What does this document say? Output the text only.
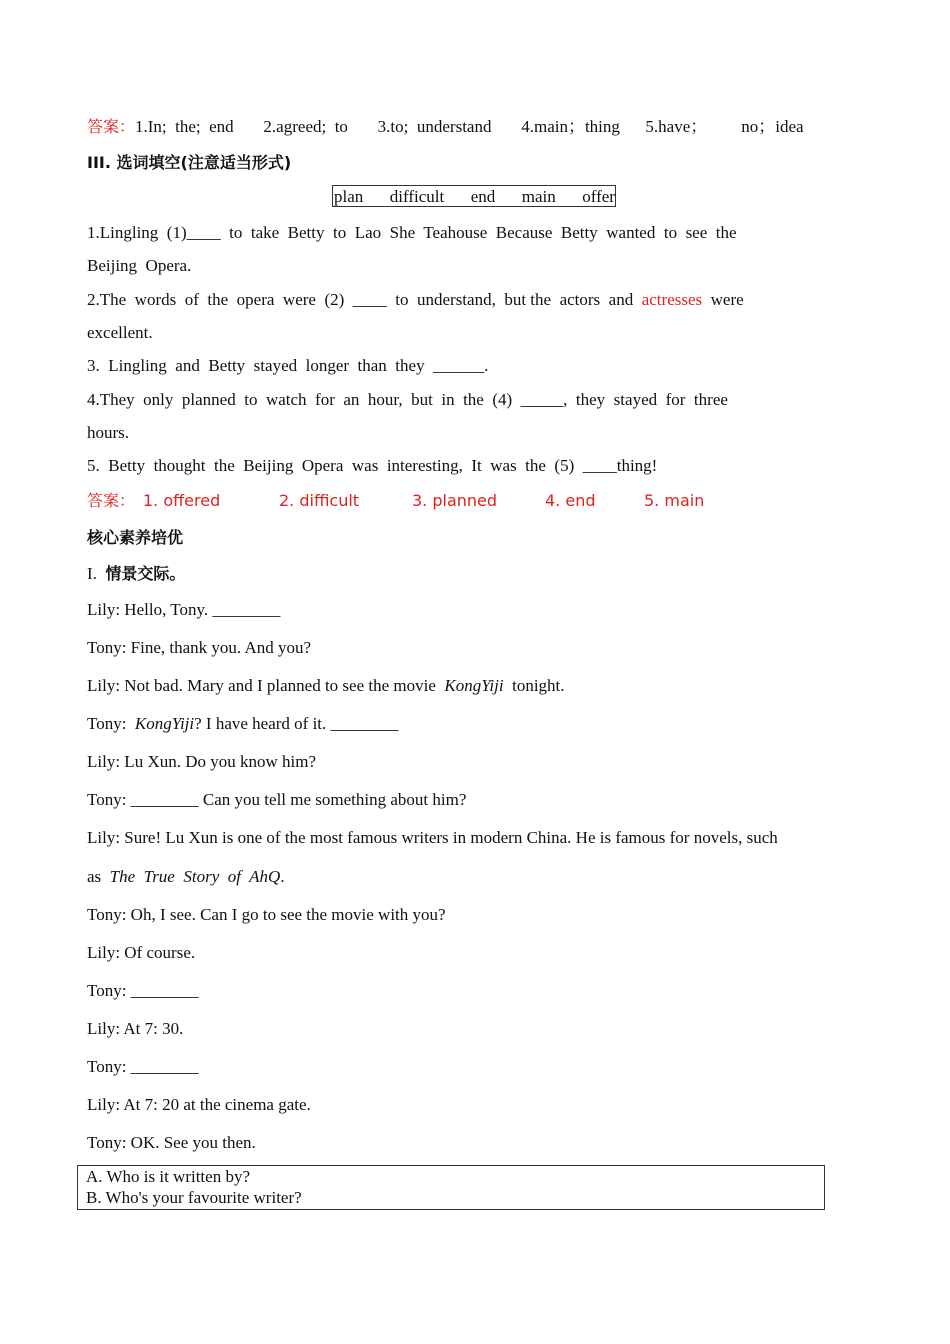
答案：1.In;  the;  end       2.agreed;  to       3.to;  understand       4.main；thing      5.have；        no；idea
III. 选词填空(注意适当形式)
plan difficult end main offer
1.Lingling  (1)____  to  take  Betty  to  Lao  She  Teahouse  Because  Betty  wanted  to  see  the
Beijing  Opera.
2.The  words  of  the  opera  were  (2)  ____  to  understand,  but the  actors  and  actresses  were
excellent.
3.  Lingling  and  Betty  stayed  longer  than  they  ______.
4.They  only  planned  to  watch  for  an  hour,  but  in  the  (4)  _____,  they  stayed  for  three
hours.
5.  Betty  thought  the  Beijing  Opera  was  interesting,  It  was  the  (5)  ____thing!
答案： 1. offered	2. difficult	3. planned	4. end	5. main
核心素养培优
I. 情景交际。
Lily: Hello, Tony. ________
Tony: Fine, thank you. And you?
Lily: Not bad. Mary and I planned to see the movie  KongYiji  tonight.
Tony:  KongYiji? I have heard of it. ________
Lily: Lu Xun. Do you know him?
Tony: ________ Can you tell me something about him?
Lily: Sure! Lu Xun is one of the most famous writers in modern China. He is famous for novels, such
as  The  True  Story  of  AhQ.
Tony: Oh, I see. Can I go to see the movie with you?
Lily: Of course.
Tony: ________
Lily: At 7: 30.
Tony: ________
Lily: At 7: 20 at the cinema gate.
Tony: OK. See you then.
A. Who is it written by?
B. Who's your favourite writer?
